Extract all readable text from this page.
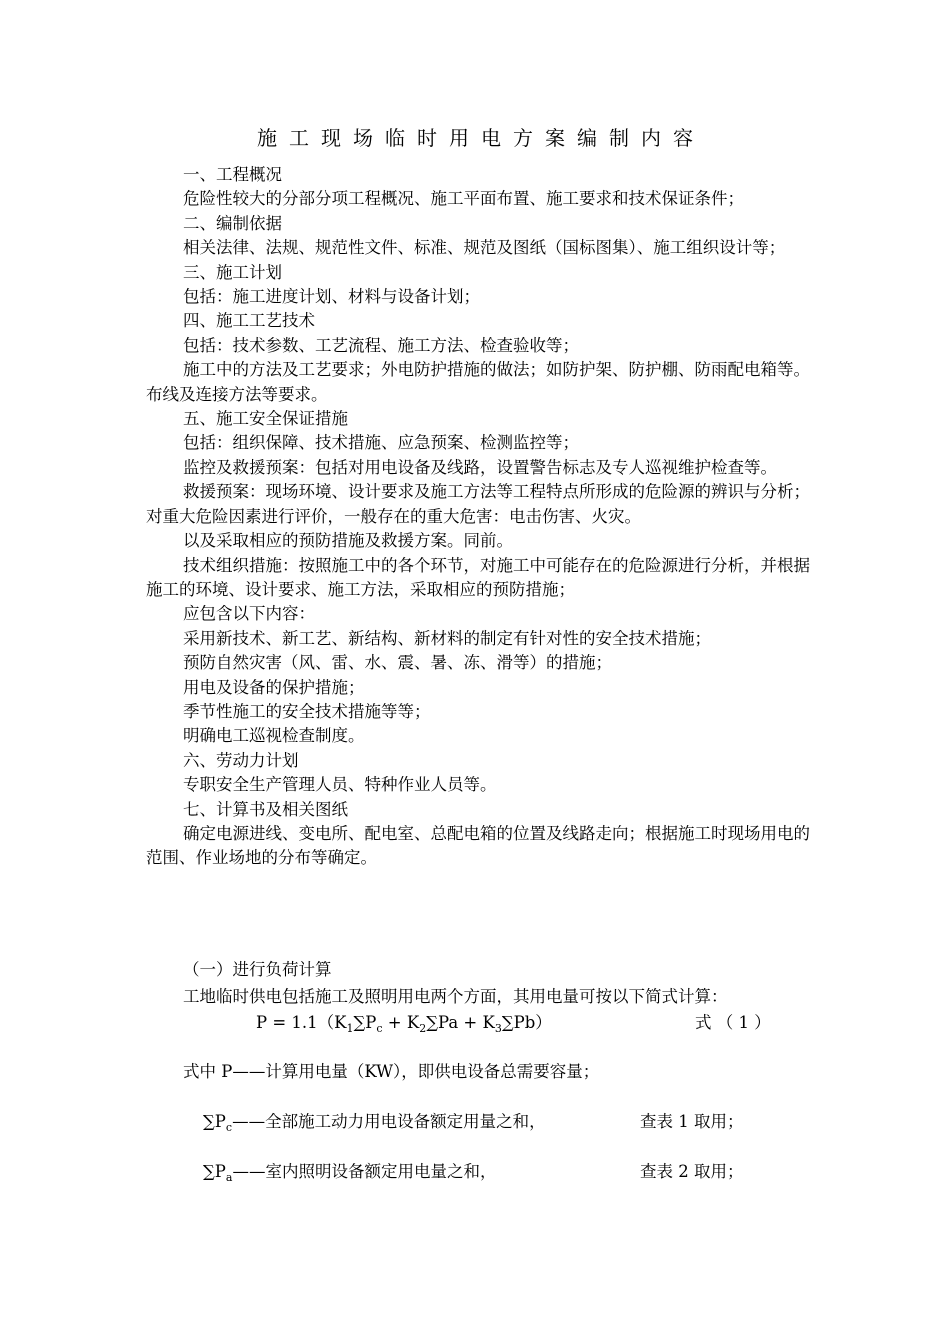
施工现场临时用电方案编制内容

一、工程概况

危险性较大的分部分项工程概况、施工平面布置、施工要求和技术保证条件；

二、编制依据

相关法律、法规、规范性文件、标准、规范及图纸（国标图集）、施工组织设计等；

三、施工计划

包括：施工进度计划、材料与设备计划；

四、施工工艺技术

包括：技术参数、工艺流程、施工方法、检查验收等；

施工中的方法及工艺要求；外电防护措施的做法；如防护架、防护棚、防雨配电箱等。布线及连接方法等要求。

五、施工安全保证措施

包括：组织保障、技术措施、应急预案、检测监控等；

监控及救援预案：包括对用电设备及线路，设置警告标志及专人巡视维护检查等。

救援预案：现场环境、设计要求及施工方法等工程特点所形成的危险源的辨识与分析；对重大危险因素进行评价，一般存在的重大危害：电击伤害、火灾。

以及采取相应的预防措施及救援方案。同前。

技术组织措施：按照施工中的各个环节，对施工中可能存在的危险源进行分析，并根据施工的环境、设计要求、施工方法，采取相应的预防措施；

应包含以下内容：

采用新技术、新工艺、新结构、新材料的制定有针对性的安全技术措施；

预防自然灾害（风、雷、水、震、暑、冻、滑等）的措施；

用电及设备的保护措施；

季节性施工的安全技术措施等等；

明确电工巡视检查制度。

六、劳动力计划

专职安全生产管理人员、特种作业人员等。

七、计算书及相关图纸

确定电源进线、变电所、配电室、总配电箱的位置及线路走向；根据施工时现场用电的范围、作业场地的分布等确定。

（一）进行负荷计算
工地临时供电包括施工及照明用电两个方面，其用电量可按以下简式计算：
$P = 1.1(K_1\sum P_c + K_2\sum Pa + K_3\sum Pb)$	式 （ 1 ）
式中 P——计算用电量（KW），即供电设备总需要容量；
$\sum P_c——$全部施工动力用电设备额定用量之和，	查表 1 取用；
$\sum P_a——$室内照明设备额定用电量之和，	查表 2 取用；
